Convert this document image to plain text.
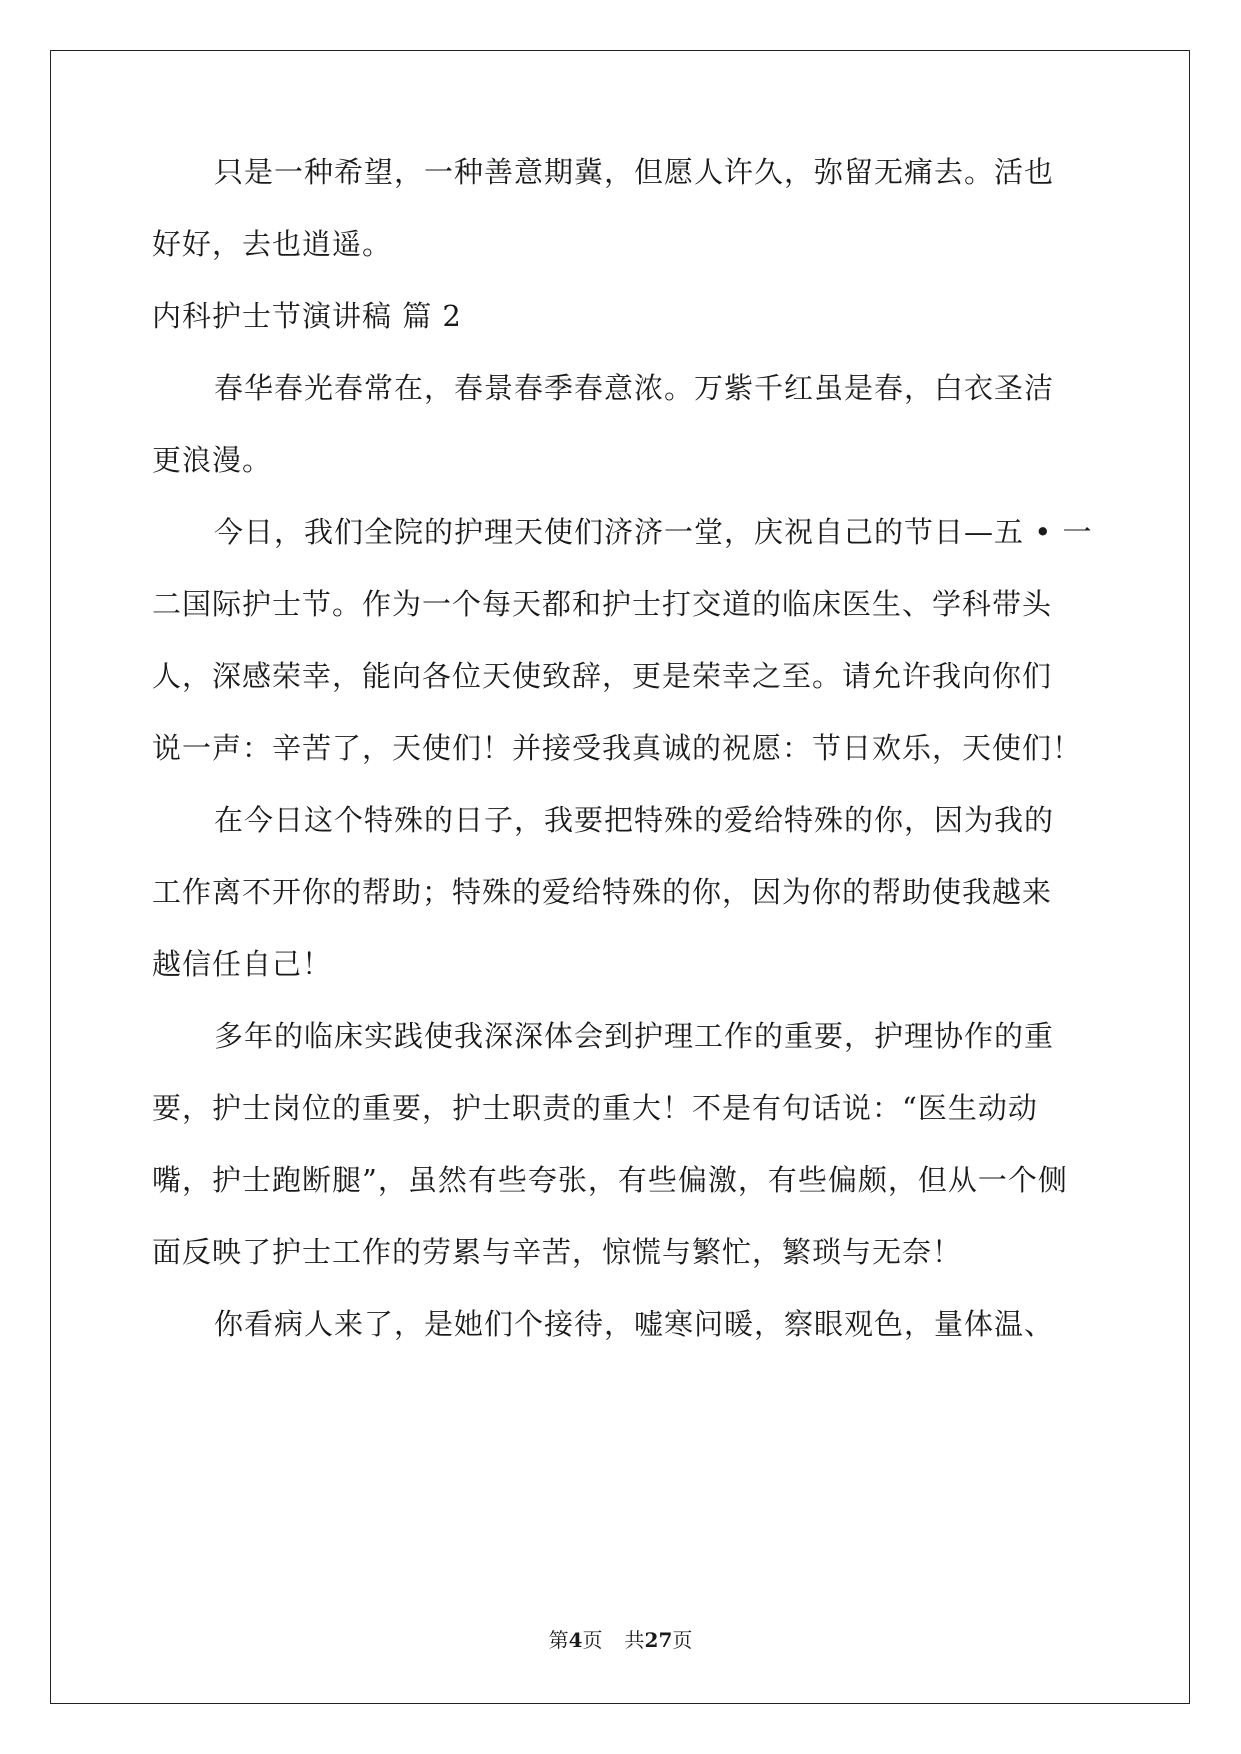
只是一种希望，一种善意期冀，但愿人许久，弥留无痛去。活也
好好，去也逍遥。
内科护士节演讲稿 篇 2
春华春光春常在，春景春季春意浓。万紫千红虽是春，白衣圣洁
更浪漫。
今日，我们全院的护理天使们济济一堂，庆祝自己的节日—五 • 一
二国际护士节。作为一个每天都和护士打交道的临床医生、学科带头
人，深感荣幸，能向各位天使致辞，更是荣幸之至。请允许我向你们
说一声：辛苦了，天使们！并接受我真诚的祝愿：节日欢乐，天使们！
在今日这个特殊的日子，我要把特殊的爱给特殊的你，因为我的
工作离不开你的帮助；特殊的爱给特殊的你，因为你的帮助使我越来
越信任自己！
多年的临床实践使我深深体会到护理工作的重要，护理协作的重
要，护士岗位的重要，护士职责的重大！不是有句话说：“医生动动
嘴，护士跑断腿”，虽然有些夸张，有些偏激，有些偏颇，但从一个侧
面反映了护士工作的劳累与辛苦，惊慌与繁忙，繁琐与无奈！
你看病人来了，是她们个接待，嘘寒问暖，察眼观色，量体温、
第4页 共27页
